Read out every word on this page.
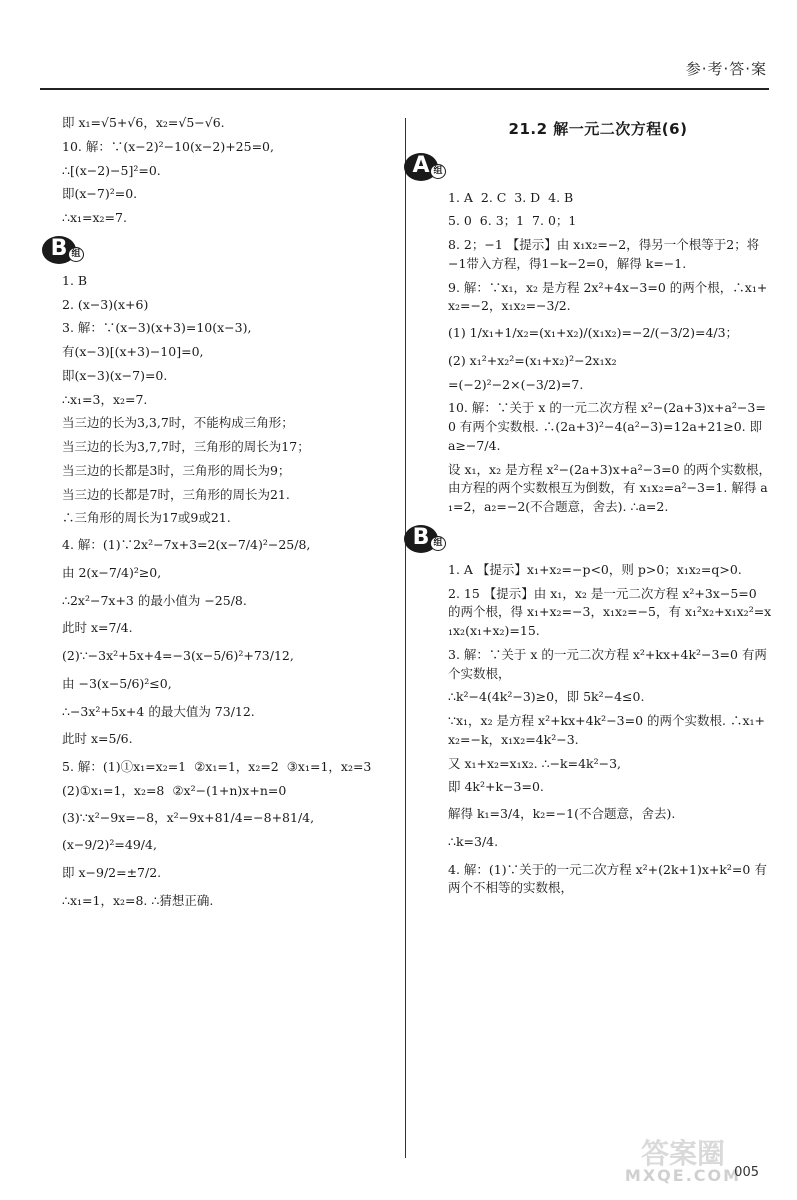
参·考·答·案
即 x₁=√5+√6，x₂=√5−√6.
10. 解：∵(x−2)²−10(x−2)+25=0,
∴[(x−2)−5]²=0.
即(x−7)²=0.
∴x₁=x₂=7.
B 组
1. B
2. (x−3)(x+6)
3. 解：∵(x−3)(x+3)=10(x−3),
有(x−3)[(x+3)−10]=0,
即(x−3)(x−7)=0.
∴x₁=3，x₂=7.
当三边的长为3,3,7时，不能构成三角形；
当三边的长为3,7,7时，三角形的周长为17；
当三边的长都是3时，三角形的周长为9；
当三边的长都是7时，三角形的周长为21.
∴三角形的周长为17或9或21.
4. 解：(1)∵2x²−7x+3=2(x−7/4)²−25/8,
由 2(x−7/4)²≥0,
∴2x²−7x+3 的最小值为 −25/8.
此时 x=7/4.
(2)∵−3x²+5x+4=−3(x−5/6)²+73/12,
由 −3(x−5/6)²≤0,
∴−3x²+5x+4 的最大值为 73/12.
此时 x=5/6.
5. 解：(1)①x₁=x₂=1  ②x₁=1，x₂=2  ③x₁=1，x₂=3
(2)①x₁=1，x₂=8  ②x²−(1+n)x+n=0
(3)∵x²−9x=−8，x²−9x+81/4=−8+81/4,
(x−9/2)²=49/4,
即 x−9/2=±7/2.
∴x₁=1，x₂=8. ∴猜想正确.
21.2 解一元二次方程(6)
A 组
1. A  2. C  3. D  4. B
5. 0  6. 3；1  7. 0；1
8. 2；−1 【提示】由 x₁x₂=−2，得另一个根等于2；将−1带入方程，得1−k−2=0，解得 k=−1.
9. 解：∵x₁，x₂ 是方程 2x²+4x−3=0 的两个根，∴x₁+x₂=−2，x₁x₂=−3/2.
(1) 1/x₁+1/x₂=(x₁+x₂)/(x₁x₂)=−2/(−3/2)=4/3；
(2) x₁²+x₂²=(x₁+x₂)²−2x₁x₂
=(−2)²−2×(−3/2)=7.
10. 解：∵关于 x 的一元二次方程 x²−(2a+3)x+a²−3=0 有两个实数根. ∴(2a+3)²−4(a²−3)=12a+21≥0. 即 a≥−7/4.
设 x₁，x₂ 是方程 x²−(2a+3)x+a²−3=0 的两个实数根，由方程的两个实数根互为倒数，有 x₁x₂=a²−3=1. 解得 a₁=2，a₂=−2(不合题意，舍去). ∴a=2.
B 组
1. A 【提示】x₁+x₂=−p<0，则 p>0；x₁x₂=q>0.
2. 15 【提示】由 x₁，x₂ 是一元二次方程 x²+3x−5=0 的两个根，得 x₁+x₂=−3，x₁x₂=−5，有 x₁²x₂+x₁x₂²=x₁x₂(x₁+x₂)=15.
3. 解：∵关于 x 的一元二次方程 x²+kx+4k²−3=0 有两个实数根，
∴k²−4(4k²−3)≥0，即 5k²−4≤0.
∵x₁，x₂ 是方程 x²+kx+4k²−3=0 的两个实数根. ∴x₁+x₂=−k，x₁x₂=4k²−3.
又 x₁+x₂=x₁x₂. ∴−k=4k²−3,
即 4k²+k−3=0.
解得 k₁=3/4，k₂=−1(不合题意，舍去).
∴k=3/4.
4. 解：(1)∵关于的一元二次方程 x²+(2k+1)x+k²=0 有两个不相等的实数根，
答案圈
MXQE.COM
005
